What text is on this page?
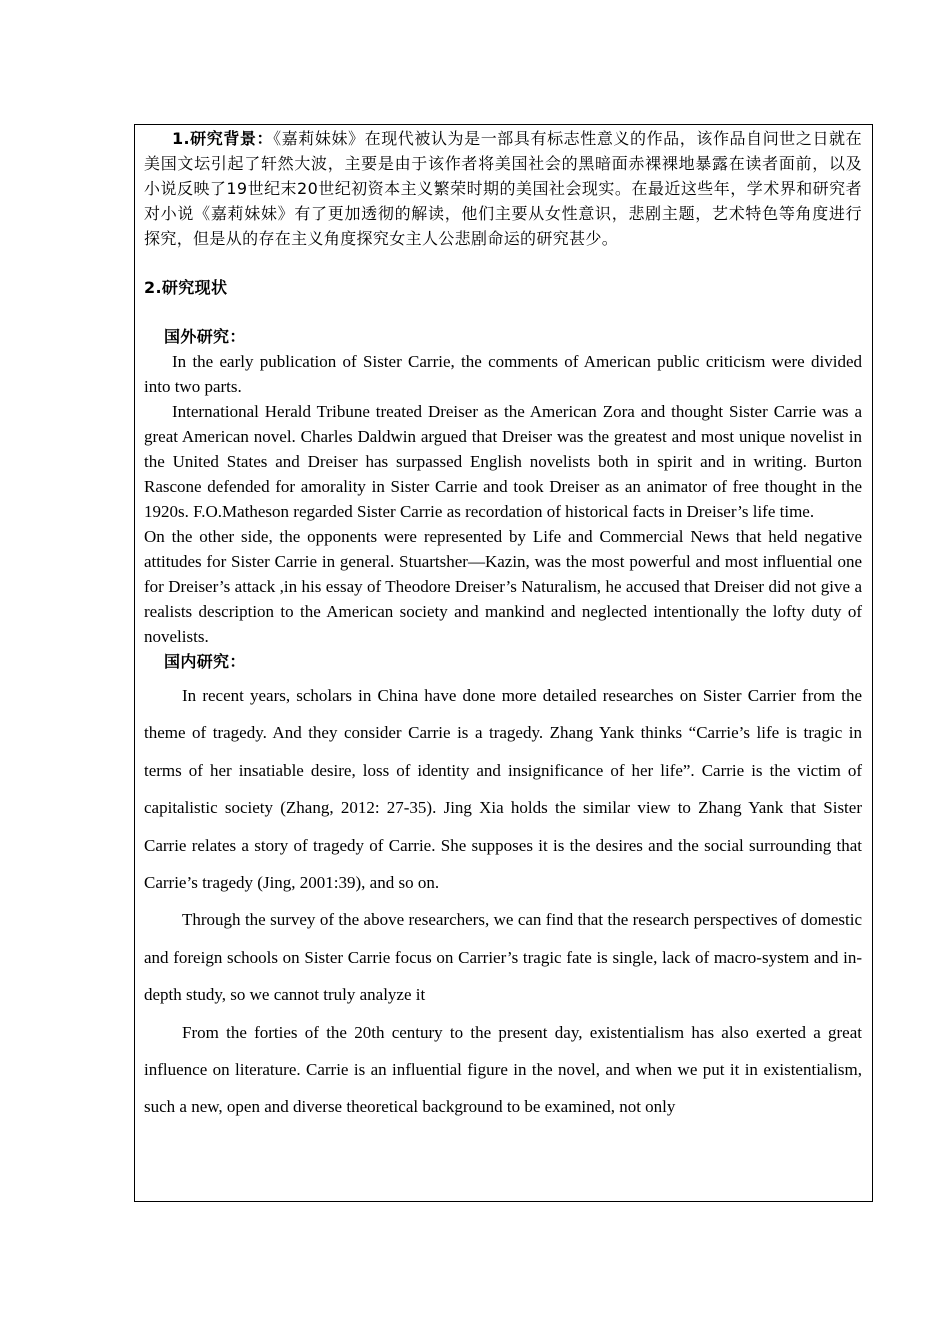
1.研究背景：《嘉莉妹妹》在现代被认为是一部具有标志性意义的作品，该作品自问世之日就在美国文坛引起了轩然大波，主要是由于该作者将美国社会的黑暗面赤裸裸地暴露在读者面前，以及小说反映了19世纪末20世纪初资本主义繁荣时期的美国社会现实。在最近这些年，学术界和研究者对小说《嘉莉妹妹》有了更加透彻的解读，他们主要从女性意识，悲剧主题，艺术特色等角度进行探究，但是从的存在主义角度探究女主人公悲剧命运的研究甚少。

2.研究现状
国外研究：

In the early publication of Sister Carrie, the comments of American public criticism were divided into two parts.

International Herald Tribune treated Dreiser as the American Zora and thought Sister Carrie was a great American novel. Charles Daldwin argued that Dreiser was the greatest and most unique novelist in the United States and Dreiser has surpassed English novelists both in spirit and in writing. Burton Rascone defended for amorality in Sister Carrie and took Dreiser as an animator of free thought in the 1920s. F.O.Matheson regarded Sister Carrie as recordation of historical facts in Dreiser’s life time.

On the other side, the opponents were represented by Life and Commercial News that held negative attitudes for Sister Carrie in general. Stuartsher—Kazin, was the most powerful and most influential one for Dreiser’s attack ,in his essay of Theodore Dreiser’s Naturalism, he accused that Dreiser did not give a realists description to the American society and mankind and neglected intentionally the lofty duty of novelists.

国内研究：

In recent years, scholars in China have done more detailed researches on Sister Carrier from the theme of tragedy. And they consider Carrie is a tragedy. Zhang Yank thinks “Carrie’s life is tragic in terms of her insatiable desire, loss of identity and insignificance of her life”. Carrie is the victim of capitalistic society (Zhang, 2012: 27-35). Jing Xia holds the similar view to Zhang Yank that Sister Carrie relates a story of tragedy of Carrie. She supposes it is the desires and the social surrounding that Carrie’s tragedy (Jing, 2001:39), and so on.

Through the survey of the above researchers, we can find that the research perspectives of domestic and foreign schools on Sister Carrie focus on Carrier’s tragic fate is single, lack of macro-system and in-depth study, so we cannot truly analyze it

From the forties of the 20th century to the present day, existentialism has also exerted a great influence on literature. Carrie is an influential figure in the novel, and when we put it in existentialism, such a new, open and diverse theoretical background to be examined, not only
